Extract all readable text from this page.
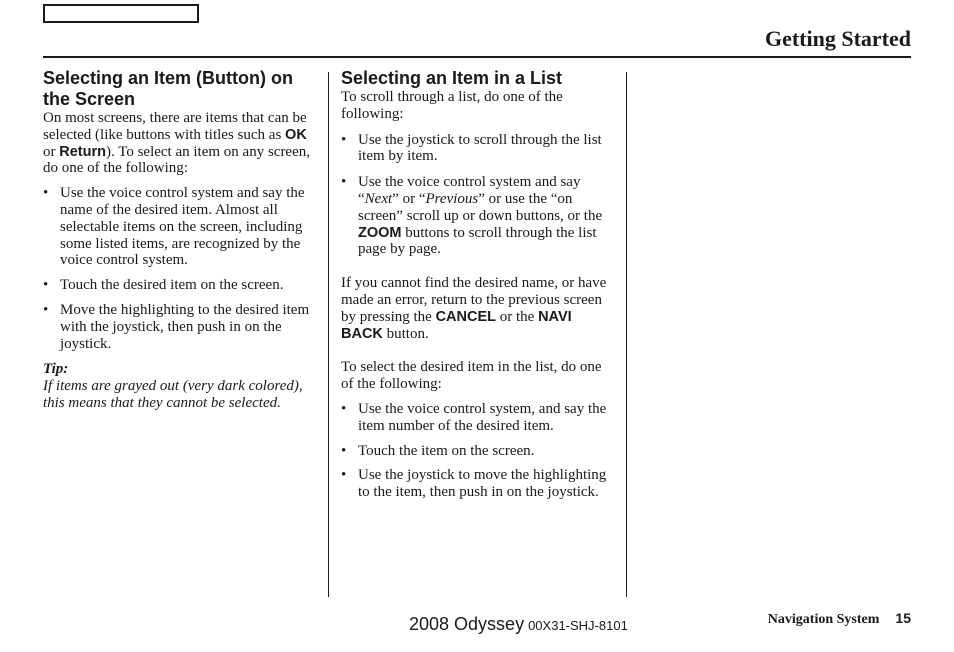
Getting Started
Selecting an Item (Button) on the Screen

On most screens, there are items that can be selected (like buttons with titles such as OK or Return). To select an item on any screen, do one of the following:

• Use the voice control system and say the name of the desired item. Almost all selectable items on the screen, including some listed items, are recognized by the voice control system.
• Touch the desired item on the screen.
• Move the highlighting to the desired item with the joystick, then push in on the joystick.

Tip:

If items are grayed out (very dark colored), this means that they cannot be selected.

Selecting an Item in a List

To scroll through a list, do one of the following:

• Use the joystick to scroll through the list item by item.
• Use the voice control system and say “Next” or “Previous” or use the “on screen” scroll up or down buttons, or the ZOOM buttons to scroll through the list page by page.

If you cannot find the desired name, or have made an error, return to the previous screen by pressing the CANCEL or the NAVI BACK button.

To select the desired item in the list, do one of the following:

• Use the voice control system, and say the item number of the desired item.
• Touch the item on the screen.
• Use the joystick to move the highlighting to the item, then push in on the joystick.
2008 Odyssey 00X31-SHJ-8101	Navigation System 15
